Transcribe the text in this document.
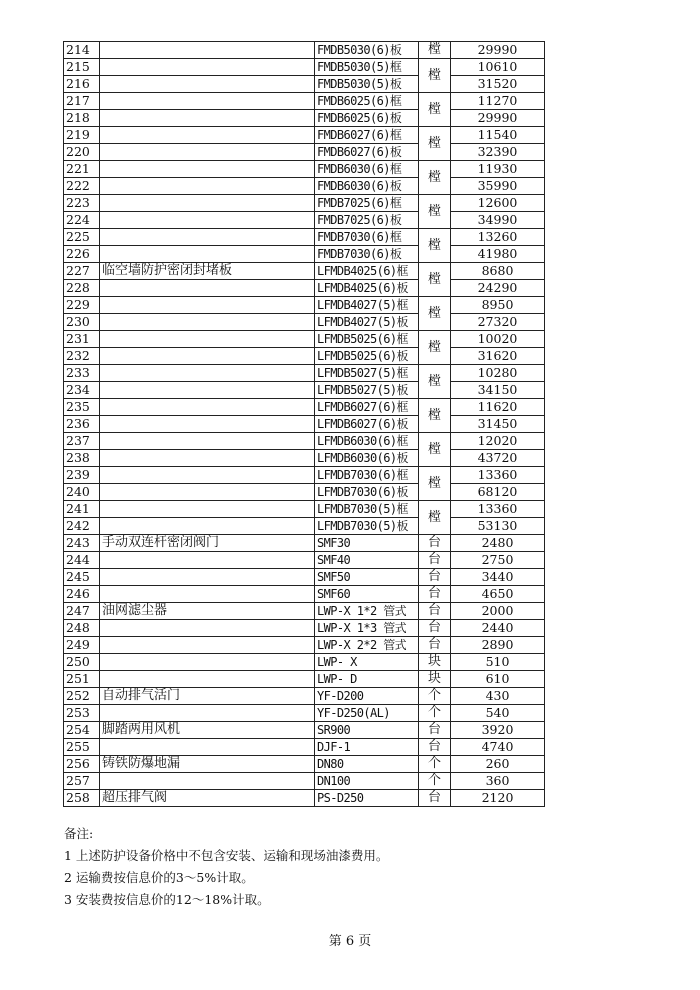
214		FMDB5030(6)板	樘	29990
215		FMDB5030(5)框	樘	10610
216		FMDB5030(5)板		31520
217		FMDB6025(6)框	樘	11270
218		FMDB6025(6)板		29990
219		FMDB6027(6)框	樘	11540
220		FMDB6027(6)板		32390
221		FMDB6030(6)框	樘	11930
222		FMDB6030(6)板		35990
223		FMDB7025(6)框	樘	12600
224		FMDB7025(6)板		34990
225		FMDB7030(6)框	樘	13260
226		FMDB7030(6)板		41980
227	临空墙防护密闭封堵板	LFMDB4025(6)框	樘	8680
228		LFMDB4025(6)板		24290
229		LFMDB4027(5)框	樘	8950
230		LFMDB4027(5)板		27320
231		LFMDB5025(6)框	樘	10020
232		LFMDB5025(6)板		31620
233		LFMDB5027(5)框	樘	10280
234		LFMDB5027(5)板		34150
235		LFMDB6027(6)框	樘	11620
236		LFMDB6027(6)板		31450
237		LFMDB6030(6)框	樘	12020
238		LFMDB6030(6)板		43720
239		LFMDB7030(6)框	樘	13360
240		LFMDB7030(6)板		68120
241		LFMDB7030(5)框	樘	13360
242		LFMDB7030(5)板		53130
243	手动双连杆密闭阀门	SMF30	台	2480
244		SMF40	台	2750
245		SMF50	台	3440
246		SMF60	台	4650
247	油网滤尘器	LWP-X 1*2 管式	台	2000
248		LWP-X 1*3 管式	台	2440
249		LWP-X 2*2 管式	台	2890
250		LWP- X	块	510
251		LWP- D	块	610
252	自动排气活门	YF-D200	个	430
253		YF-D250(AL)	个	540
254	脚踏两用风机	SR900	台	3920
255		DJF-1	台	4740
256	铸铁防爆地漏	DN80	个	260
257		DN100	个	360
258	超压排气阀	PS-D250	台	2120
备注:
1 上述防护设备价格中不包含安装、运输和现场油漆费用。
2 运输费按信息价的3～5%计取。
3 安装费按信息价的12～18%计取。
第 6 页
